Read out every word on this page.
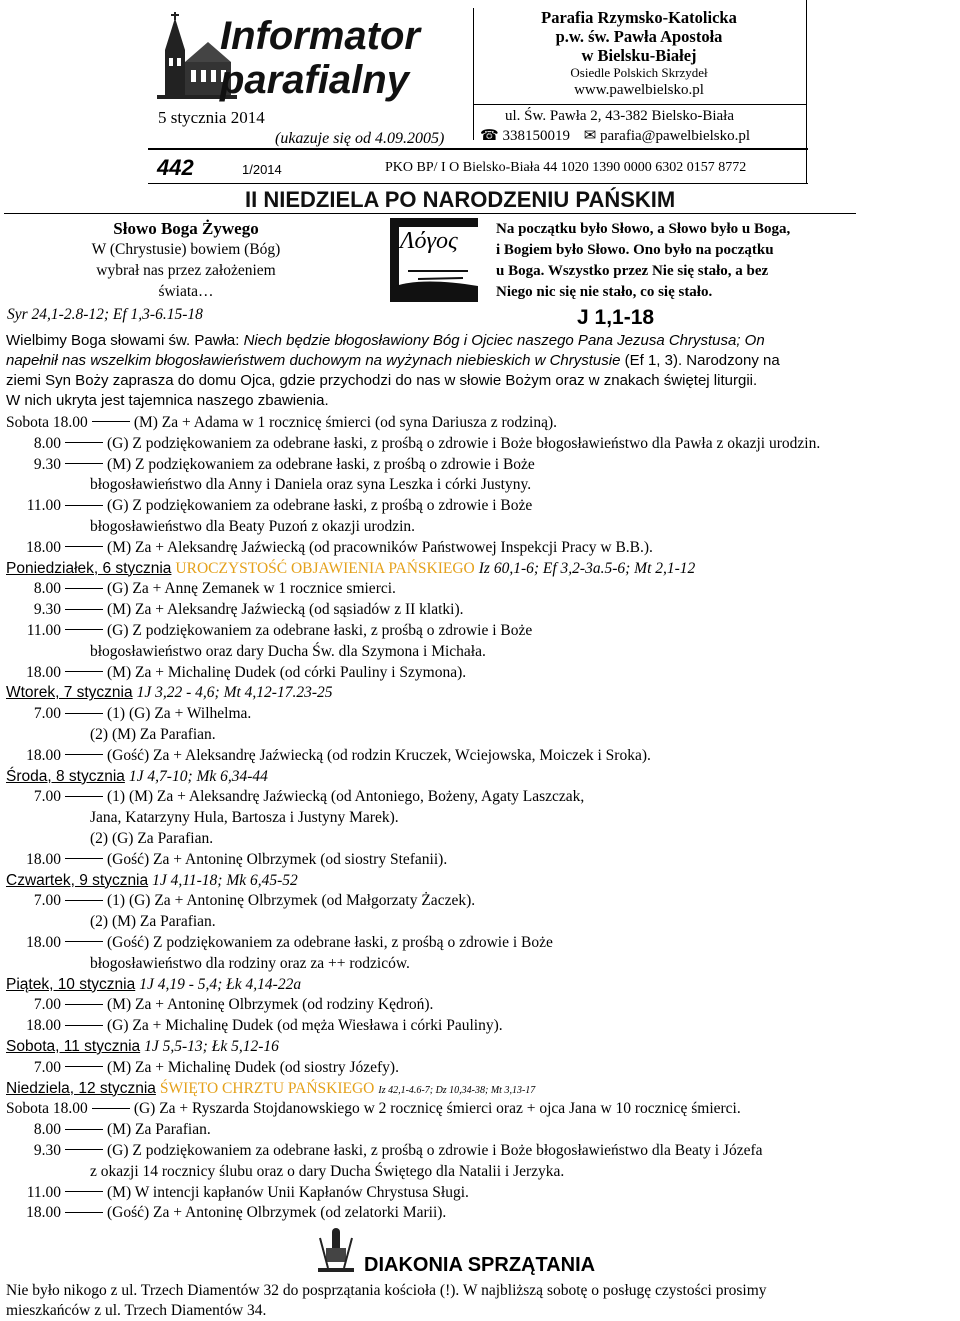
Informator
parafialny
5 stycznia 2014
(ukazuje się od 4.09.2005)
Parafia Rzymsko-Katolicka
p.w. św. Pawła Apostoła
w Bielsku-Białej
Osiedle Polskich Skrzydeł
www.pawelbielsko.pl
ul. Św. Pawła 2, 43-382 Bielsko-Biała
☎ 338150019 ✉ parafia@pawelbielsko.pl
442	1/2014	PKO BP/ I O Bielsko-Biała 44 1020 1390 0000 6302 0157 8772
II NIEDZIELA PO NARODZENIU PAŃSKIM
Słowo Boga Żywego
W (Chrystusie) bowiem (Bóg)
wybrał nas przez założeniem
świata…
Syr 24,1-2.8-12; Ef 1,3-6.15-18
Λόγος	Na początku było Słowo, a Słowo było u Boga,
i Bogiem było Słowo. Ono było na początku
u Boga. Wszystko przez Nie się stało, a bez
Niego nic się nie stało, co się stało.
J 1,1-18
Wielbimy Boga słowami św. Pawła: Niech będzie błogosławiony Bóg i Ojciec naszego Pana Jezusa Chrystusa; On
napełnił nas wszelkim błogosławieństwem duchowym na wyżynach niebieskich w Chrystusie (Ef 1, 3). Narodzony na
ziemi Syn Boży zaprasza do domu Ojca, gdzie przychodzi do nas w słowie Bożym oraz w znakach świętej liturgii.
W nich ukryta jest tajemnica naszego zbawienia.
Sobota 18.00	(M) Za + Adama w 1 rocznicę śmierci (od syna Dariusza z rodziną).
8.00	(G) Z podziękowaniem za odebrane łaski, z prośbą o zdrowie i Boże błogosławieństwo dla Pawła z okazji urodzin.
9.30	(M) Z podziękowaniem za odebrane łaski, z prośbą o zdrowie i Boże
błogosławieństwo dla Anny i Daniela oraz syna Leszka i córki Justyny.
11.00	(G) Z podziękowaniem za odebrane łaski, z prośbą o zdrowie i Boże
błogosławieństwo dla Beaty Puzoń z okazji urodzin.
18.00	(M) Za + Aleksandrę Jaźwiecką (od pracowników Państwowej Inspekcji Pracy w B.B.).
Poniedziałek, 6 stycznia UROCZYSTOŚĆ OBJAWIENIA PAŃSKIEGO Iz 60,1-6; Ef 3,2-3a.5-6; Mt 2,1-12
8.00	(G) Za + Annę Zemanek w 1 rocznice smierci.
9.30	(M) Za + Aleksandrę Jaźwiecką (od sąsiadów z II klatki).
11.00	(G) Z podziękowaniem za odebrane łaski, z prośbą o zdrowie i Boże
błogosławieństwo oraz dary Ducha Św. dla Szymona i Michała.
18.00	(M) Za + Michalinę Dudek (od córki Pauliny i Szymona).
Wtorek, 7 stycznia 1J 3,22 - 4,6; Mt 4,12-17.23-25
7.00	(1) (G) Za + Wilhelma.
(2) (M) Za Parafian.
18.00	(Gość) Za + Aleksandrę Jaźwiecką (od rodzin Kruczek, Wciejowska, Moiczek i Sroka).
Środa, 8 stycznia 1J 4,7-10; Mk 6,34-44
7.00	(1) (M) Za + Aleksandrę Jaźwiecką (od Antoniego, Bożeny, Agaty Laszczak,
Jana, Katarzyny Hula, Bartosza i Justyny Marek).
(2) (G) Za Parafian.
18.00	(Gość) Za + Antoninę Olbrzymek (od siostry Stefanii).
Czwartek, 9 stycznia 1J 4,11-18; Mk 6,45-52
7.00	(1) (G) Za + Antoninę Olbrzymek (od Małgorzaty Żaczek).
(2) (M) Za Parafian.
18.00	(Gość) Z podziękowaniem za odebrane łaski, z prośbą o zdrowie i Boże
błogosławieństwo dla rodziny oraz za ++ rodziców.
Piątek, 10 stycznia 1J 4,19 - 5,4; Łk 4,14-22a
7.00	(M) Za + Antoninę Olbrzymek (od rodziny Kędroń).
18.00	(G) Za + Michalinę Dudek (od męża Wiesława i córki Pauliny).
Sobota, 11 stycznia 1J 5,5-13; Łk 5,12-16
7.00	(M) Za + Michalinę Dudek (od siostry Józefy).
Niedziela, 12 stycznia ŚWIĘTO CHRZTU PAŃSKIEGO Iz 42,1-4.6-7; Dz 10,34-38; Mt 3,13-17
Sobota 18.00	(G) Za + Ryszarda Stojdanowskiego w 2 rocznicę śmierci oraz + ojca Jana w 10 rocznicę śmierci.
8.00	(M) Za Parafian.
9.30	(G) Z podziękowaniem za odebrane łaski, z prośbą o zdrowie i Boże błogosławieństwo dla Beaty i Józefa
z okazji 14 rocznicy ślubu oraz o dary Ducha Świętego dla Natalii i Jerzyka.
11.00	(M) W intencji kapłanów Unii Kapłanów Chrystusa Sługi.
18.00	(Gość) Za + Antoninę Olbrzymek (od zelatorki Marii).
DIAKONIA SPRZĄTANIA
Nie było nikogo z ul. Trzech Diamentów 32 do posprzątania kościoła (!). W najbliższą sobotę o posługę czystości prosimy
mieszkańców z ul. Trzech Diamentów 34.
